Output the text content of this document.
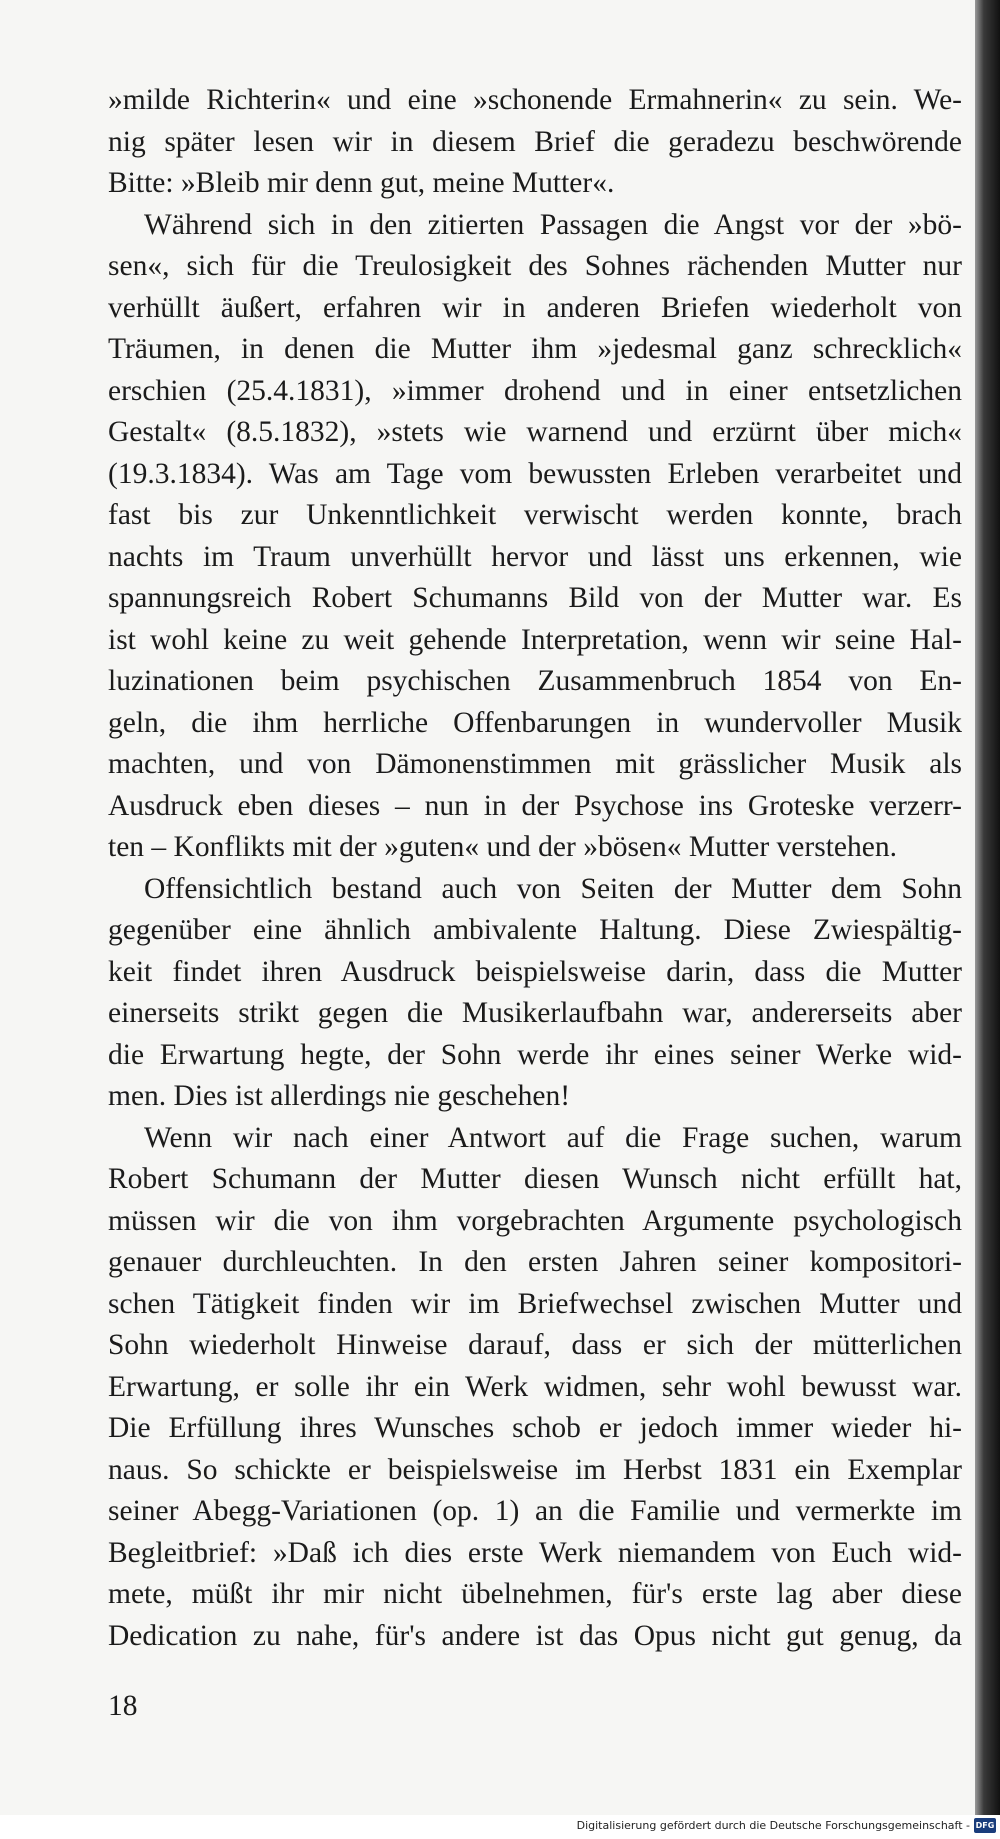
»milde Richterin« und eine »schonende Ermahnerin« zu sein. We-
nig später lesen wir in diesem Brief die geradezu beschwörende
Bitte: »Bleib mir denn gut, meine Mutter«.

Während sich in den zitierten Passagen die Angst vor der »bö-
sen«, sich für die Treulosigkeit des Sohnes rächenden Mutter nur
verhüllt äußert, erfahren wir in anderen Briefen wiederholt von
Träumen, in denen die Mutter ihm »jedesmal ganz schrecklich«
erschien (25.4.1831), »immer drohend und in einer entsetzlichen
Gestalt« (8.5.1832), »stets wie warnend und erzürnt über mich«
(19.3.1834). Was am Tage vom bewussten Erleben verarbeitet und
fast bis zur Unkenntlichkeit verwischt werden konnte, brach
nachts im Traum unverhüllt hervor und lässt uns erkennen, wie
spannungsreich Robert Schumanns Bild von der Mutter war. Es
ist wohl keine zu weit gehende Interpretation, wenn wir seine Hal-
luzinationen beim psychischen Zusammenbruch 1854 von En-
geln, die ihm herrliche Offenbarungen in wundervoller Musik
machten, und von Dämonenstimmen mit grässlicher Musik als
Ausdruck eben dieses – nun in der Psychose ins Groteske verzerr-
ten – Konflikts mit der »guten« und der »bösen« Mutter verstehen.

Offensichtlich bestand auch von Seiten der Mutter dem Sohn
gegenüber eine ähnlich ambivalente Haltung. Diese Zwiespältig-
keit findet ihren Ausdruck beispielsweise darin, dass die Mutter
einerseits strikt gegen die Musikerlaufbahn war, andererseits aber
die Erwartung hegte, der Sohn werde ihr eines seiner Werke wid-
men. Dies ist allerdings nie geschehen!

Wenn wir nach einer Antwort auf die Frage suchen, warum
Robert Schumann der Mutter diesen Wunsch nicht erfüllt hat,
müssen wir die von ihm vorgebrachten Argumente psychologisch
genauer durchleuchten. In den ersten Jahren seiner kompositori-
schen Tätigkeit finden wir im Briefwechsel zwischen Mutter und
Sohn wiederholt Hinweise darauf, dass er sich der mütterlichen
Erwartung, er solle ihr ein Werk widmen, sehr wohl bewusst war.
Die Erfüllung ihres Wunsches schob er jedoch immer wieder hi-
naus. So schickte er beispielsweise im Herbst 1831 ein Exemplar
seiner Abegg-Variationen (op. 1) an die Familie und vermerkte im
Begleitbrief: »Daß ich dies erste Werk niemandem von Euch wid-
mete, müßt ihr mir nicht übelnehmen, für's erste lag aber diese
Dedication zu nahe, für's andere ist das Opus nicht gut genug, da

18
Digitalisierung gefördert durch die Deutsche Forschungsgemeinschaft - DFG
